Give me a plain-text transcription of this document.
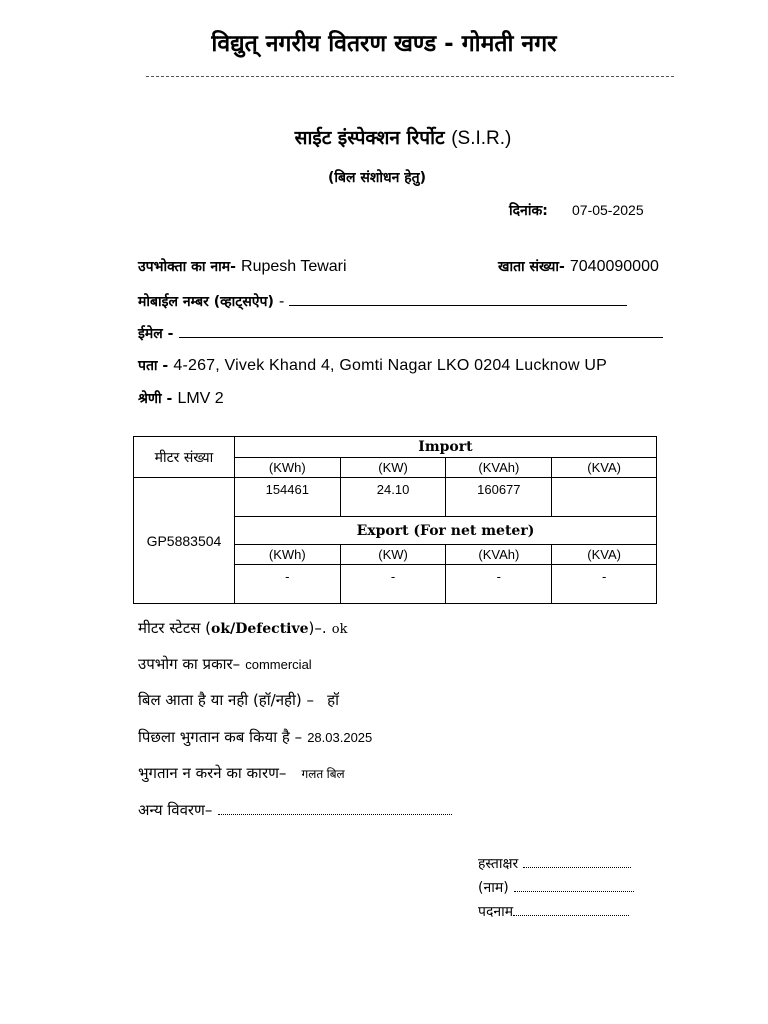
विद्युत् नगरीय वितरण खण्ड - गोमती नगर
साईट इंस्पेक्शन रिर्पोट (S.I.R.)
(बिल संशोधन हेतु)
दिनांक: 07-05-2025
उपभोक्ता का नाम- Rupesh Tewari	खाता संख्या- 7040090000
मोबाईल नम्बर (व्हाट्सऐप) -
ईमेल -
पता - 4-267, Vivek Khand 4, Gomti Nagar LKO 0204 Lucknow UP
श्रेणी - LMV 2
मीटर संख्या	Import			
	(KWh)	(KW)	(KVAh)	(KVA)
GP5883504	154461	24.10	160677	
	Export (For net meter)			
	(KWh)	(KW)	(KVAh)	(KVA)
	-	-	-	-
मीटर स्टेटस (ok/Defective)–. ok
उपभोग का प्रकार– commercial
बिल आता है या नही (हॉ/नही) – हॉ
पिछला भुगतान कब किया है – 28.03.2025
भुगतान न करने का कारण– गलत बिल
अन्य विवरण–
हस्ताक्षर
(नाम)
पदनाम
